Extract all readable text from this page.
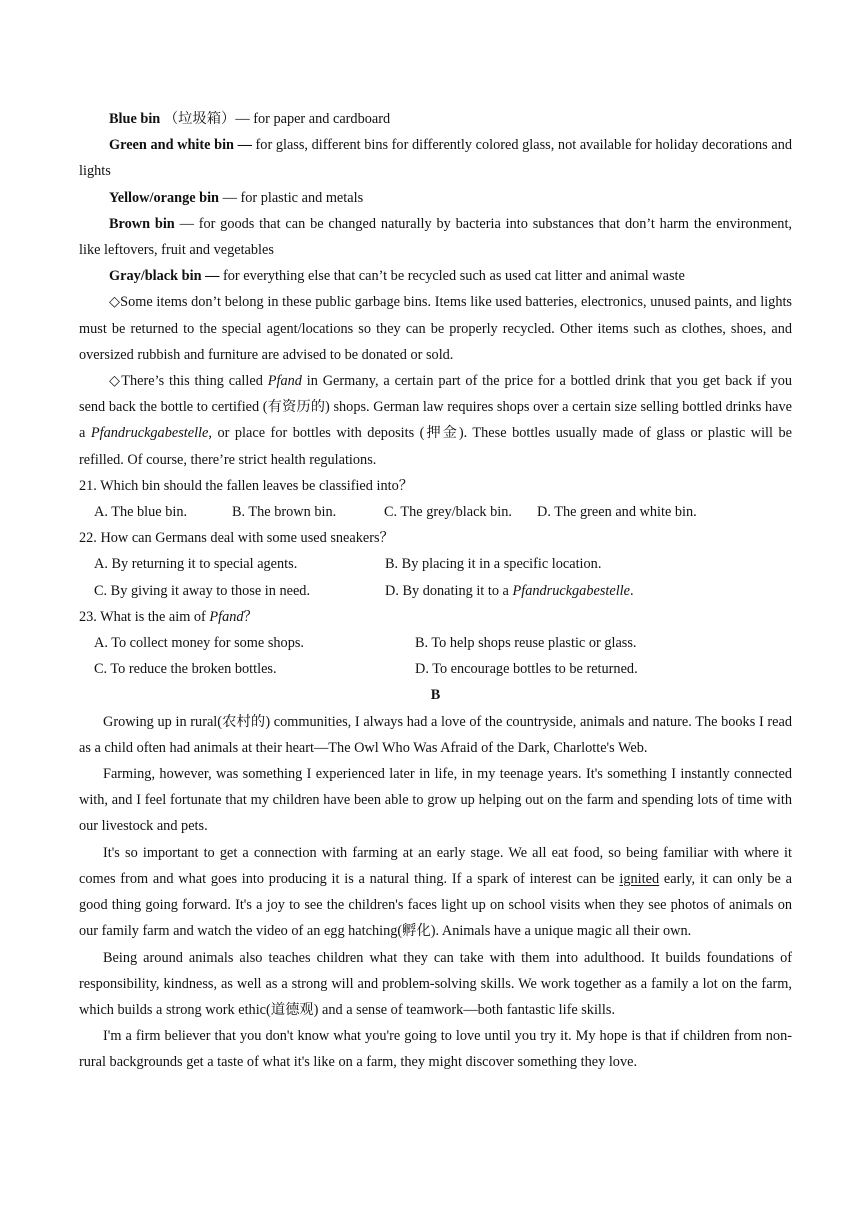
Blue bin （垃圾箱）— for paper and cardboard

Green and white bin — for glass, different bins for differently colored glass, not available for holiday decorations and lights

Yellow/orange bin — for plastic and metals

Brown bin — for goods that can be changed naturally by bacteria into substances that don’t harm the environment, like leftovers, fruit and vegetables

Gray/black bin — for everything else that can’t be recycled such as used cat litter and animal waste

◇Some items don’t belong in these public garbage bins. Items like used batteries, electronics, unused paints, and lights must be returned to the special agent/locations so they can be properly recycled. Other items such as clothes, shoes, and oversized rubbish and furniture are advised to be donated or sold.

◇There’s this thing called Pfand in Germany, a certain part of the price for a bottled drink that you get back if you send back the bottle to certified (有资历的) shops. German law requires shops over a certain size selling bottled drinks have a Pfandruckgabestelle, or place for bottles with deposits (押金). These bottles usually made of glass or plastic will be refilled. Of course, there’re strict health regulations.

21. Which bin should the fallen leaves be classified into？
A. The blue bin.	B. The brown bin.	C. The grey/black bin.	D. The green and white bin.
22. How can Germans deal with some used sneakers？
A. By returning it to special agents.	B. By placing it in a specific location.
C. By giving it away to those in need.	D. By donating it to a Pfandruckgabestelle.
23. What is the aim of Pfand？
A. To collect money for some shops.	B. To help shops reuse plastic or glass.
C. To reduce the broken bottles.	D. To encourage bottles to be returned.
B

Growing up in rural(农村的) communities, I always had a love of the countryside, animals and nature. The books I read as a child often had animals at their heart—The Owl Who Was Afraid of the Dark, Charlotte's Web.

Farming, however, was something I experienced later in life, in my teenage years. It's something I instantly connected with, and I feel fortunate that my children have been able to grow up helping out on the farm and spending lots of time with our livestock and pets.

It's so important to get a connection with farming at an early stage. We all eat food, so being familiar with where it comes from and what goes into producing it is a natural thing. If a spark of interest can be ignited early, it can only be a good thing going forward. It's a joy to see the children's faces light up on school visits when they see photos of animals on our family farm and watch the video of an egg hatching(孵化). Animals have a unique magic all their own.

Being around animals also teaches children what they can take with them into adulthood. It builds foundations of responsibility, kindness, as well as a strong will and problem-solving skills. We work together as a family a lot on the farm, which builds a strong work ethic(道德观) and a sense of teamwork—both fantastic life skills.

I'm a firm believer that you don't know what you're going to love until you try it. My hope is that if children from non-rural backgrounds get a taste of what it's like on a farm, they might discover something they love.
